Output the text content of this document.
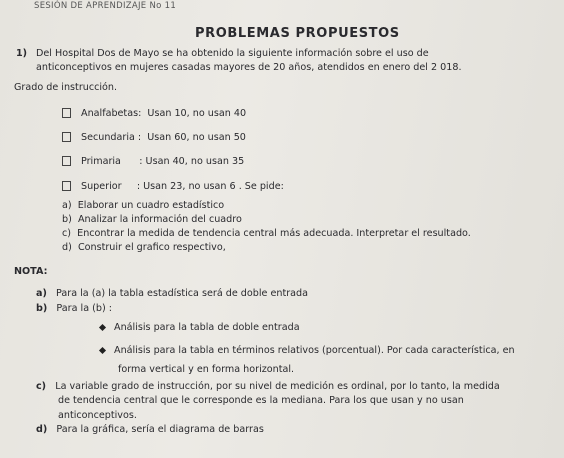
SESIÓN DE APRENDIZAJE No 11
PROBLEMAS PROPUESTOS
1) Del Hospital Dos de Mayo se ha obtenido la siguiente información sobre el uso de
anticonceptivos en mujeres casadas mayores de 20 años, atendidos en enero del 2 018.
Grado de instrucción.
Analfabetas: Usan 10, no usan 40
Secundaria : Usan 60, no usan 50
Primaria : Usan 40, no usan 35
Superior : Usan 23, no usan 6 . Se pide:
a) Elaborar un cuadro estadístico
b) Analizar la información del cuadro
c) Encontrar la medida de tendencia central más adecuada. Interpretar el resultado.
d) Construir el grafico respectivo,
NOTA:
a) Para la (a) la tabla estadística será de doble entrada
b) Para la (b) :
Análisis para la tabla de doble entrada
Análisis para la tabla en términos relativos (porcentual). Por cada característica, en
forma vertical y en forma horizontal.
c) La variable grado de instrucción, por su nivel de medición es ordinal, por lo tanto, la medida
de tendencia central que le corresponde es la mediana. Para los que usan y no usan
anticonceptivos.
d) Para la gráfica, sería el diagrama de barras
